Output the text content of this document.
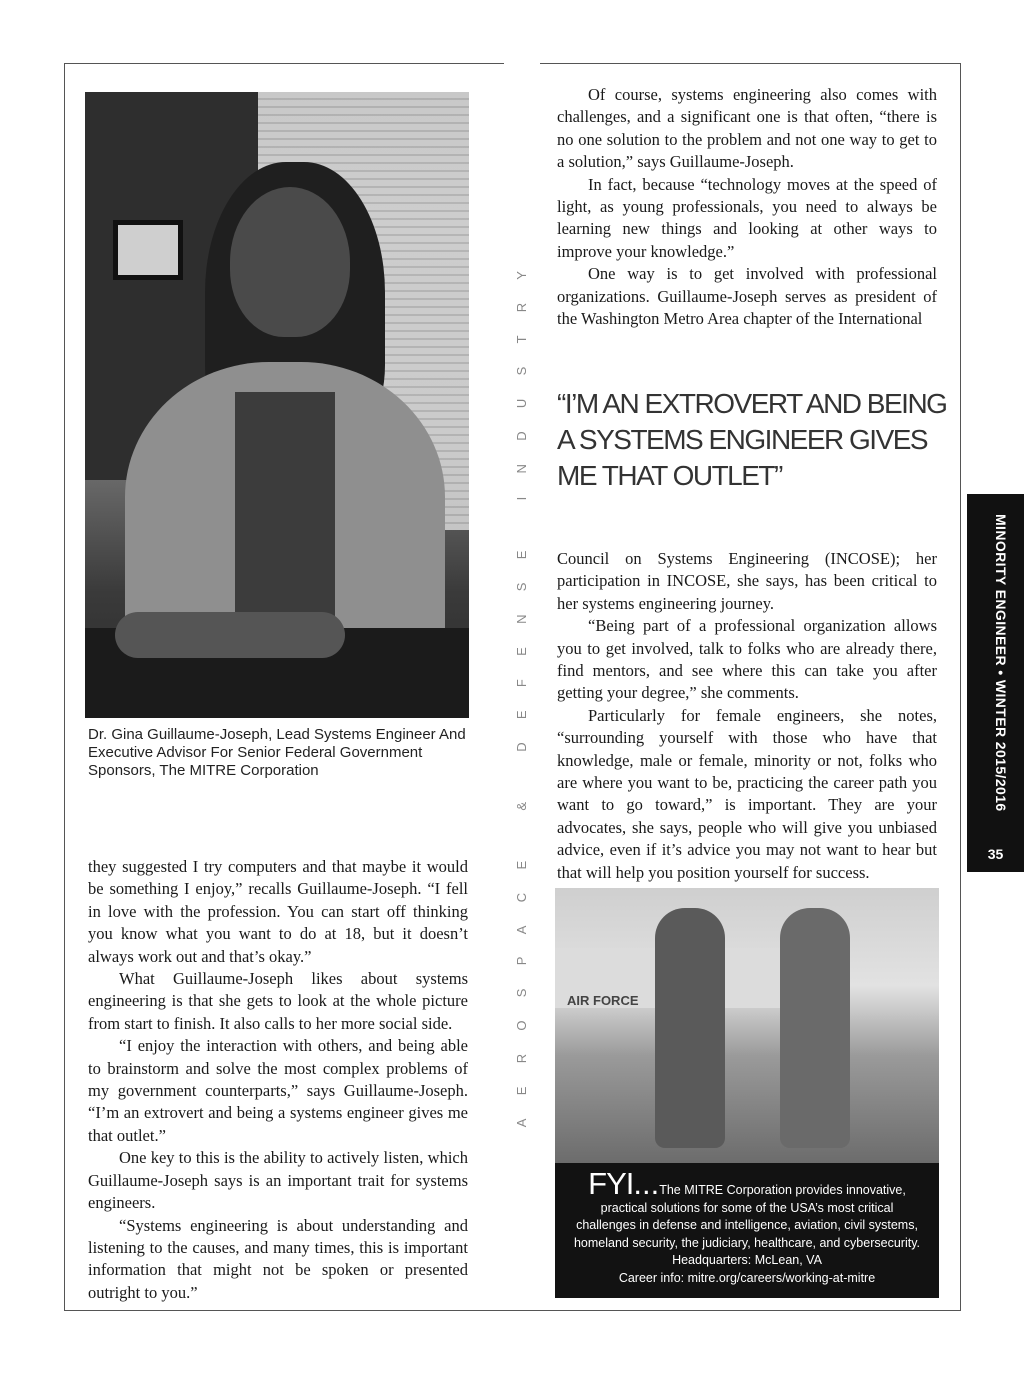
Dr. Gina Guillaume-Joseph, Lead Systems Engineer And Executive Advisor For Senior Federal Government Sponsors, The MITRE Corporation

they suggested I try computers and that maybe it would be something I enjoy,” recalls Guillaume-Joseph. “I fell in love with the profession. You can start off thinking you know what you want to do at 18, but it doesn’t always work out and that’s okay.”

What Guillaume-Joseph likes about systems engineering is that she gets to look at the whole picture from start to finish. It also calls to her more social side.

“I enjoy the interaction with others, and being able to brainstorm and solve the most complex problems of my government counterparts,” says Guillaume-Joseph. “I’m an extrovert and being a systems engineer gives me that outlet.”

One key to this is the ability to actively listen, which Guillaume-Joseph says is an important trait for systems engineers.

“Systems engineering is about understanding and listening to the causes, and many times, this is important information that might not be spoken or presented outright to you.”

AEROSPACE & DEFENSE INDUSTRY

Of course, systems engineering also comes with challenges, and a significant one is that often, “there is no one solution to the problem and not one way to get to a solution,” says Guillaume-Joseph.

In fact, because “technology moves at the speed of light, as young professionals, you need to always be learning new things and looking at other ways to improve your knowledge.”

One way is to get involved with professional organizations. Guillaume-Joseph serves as president of the Washington Metro Area chapter of the International

“I’M AN EXTROVERT AND BEING A SYSTEMS ENGINEER GIVES ME THAT OUTLET”

Council on Systems Engineering (INCOSE); her participation in INCOSE, she says, has been critical to her systems engineering journey.

“Being part of a professional organization allows you to get involved, talk to folks who are already there, find mentors, and see where this can take you after getting your degree,” she comments.

Particularly for female engineers, she notes, “surrounding yourself with those who have that knowledge, male or female, minority or not, folks who are where you want to be, practicing the career path you want to go toward,” is important. They are your advocates, she says, people who will give you unbiased advice, even if it’s advice you may not want to hear but that will help you position yourself for success.

AIR FORCE
FYI...The MITRE Corporation provides innovative,
practical solutions for some of the USA’s most critical
challenges in defense and intelligence, aviation, civil systems,
homeland security, the judiciary, healthcare, and cybersecurity.
Headquarters: McLean, VA
Career info: mitre.org/careers/working-at-mitre
MINORITY ENGINEER • WINTER 2015/2016
35
